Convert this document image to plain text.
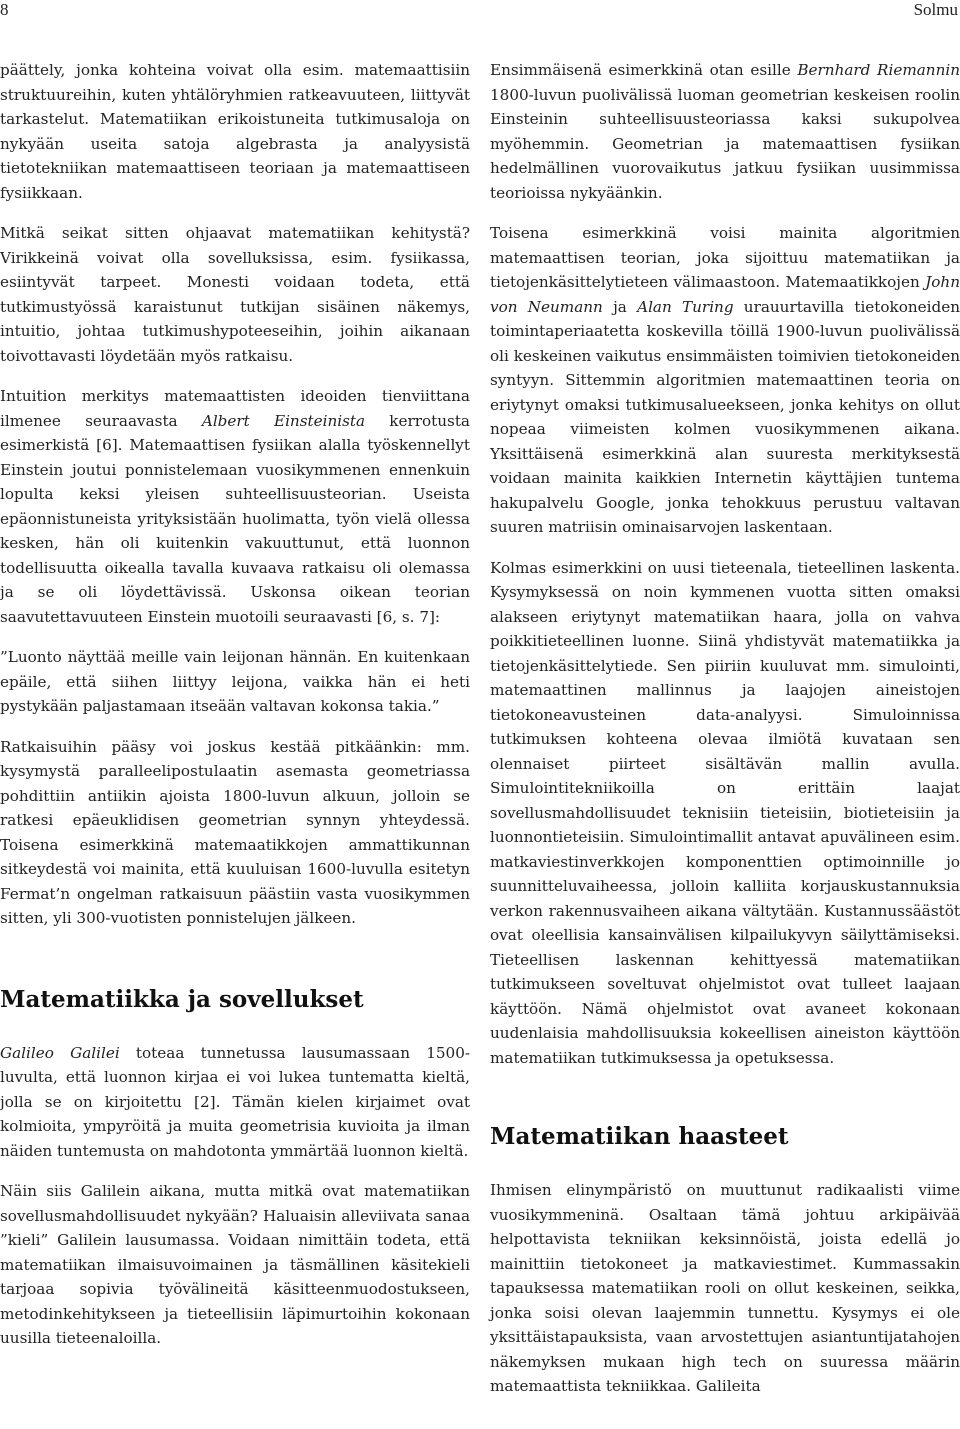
8	Solmu

päättely, jonka kohteina voivat olla esim. matemaattisiin struktuureihin, kuten yhtälöryhmien ratkeavuuteen, liittyvät tarkastelut. Matematiikan erikoistuneita tutkimusaloja on nykyään useita satoja algebrasta ja analyysistä tietotekniikan matemaattiseen teoriaan ja matemaattiseen fysiikkaan.

Mitkä seikat sitten ohjaavat matematiikan kehitystä? Virikkeinä voivat olla sovelluksissa, esim. fysiikassa, esiintyvät tarpeet. Monesti voidaan todeta, että tutkimustyössä karaistunut tutkijan sisäinen näkemys, intuitio, johtaa tutkimushypoteeseihin, joihin aikanaan toivottavasti löydetään myös ratkaisu.

Intuition merkitys matemaattisten ideoiden tienviittana ilmenee seuraavasta Albert Einsteinista kerrotusta esimerkistä [6]. Matemaattisen fysiikan alalla työskennellyt Einstein joutui ponnistelemaan vuosikymmenen ennenkuin lopulta keksi yleisen suhteellisuusteorian. Useista epäonnistuneista yrityksistään huolimatta, työn vielä ollessa kesken, hän oli kuitenkin vakuuttunut, että luonnon todellisuutta oikealla tavalla kuvaava ratkaisu oli olemassa ja se oli löydettävissä. Uskonsa oikean teorian saavutettavuuteen Einstein muotoili seuraavasti [6, s. 7]:

”Luonto näyttää meille vain leijonan hännän. En kuitenkaan epäile, että siihen liittyy leijona, vaikka hän ei heti pystykään paljastamaan itseään valtavan kokonsa takia.”

Ratkaisuihin pääsy voi joskus kestää pitkäänkin: mm. kysymystä paralleelipostulaatin asemasta geometriassa pohdittiin antiikin ajoista 1800-luvun alkuun, jolloin se ratkesi epäeuklidisen geometrian synnyn yhteydessä. Toisena esimerkkinä matemaatikkojen ammattikunnan sitkeydestä voi mainita, että kuuluisan 1600-luvulla esitetyn Fermat’n ongelman ratkaisuun päästiin vasta vuosikymmen sitten, yli 300-vuotisten ponnistelujen jälkeen.

Matematiikka ja sovellukset

Galileo Galilei toteaa tunnetussa lausumassaan 1500-luvulta, että luonnon kirjaa ei voi lukea tuntematta kieltä, jolla se on kirjoitettu [2]. Tämän kielen kirjaimet ovat kolmioita, ympyröitä ja muita geometrisia kuvioita ja ilman näiden tuntemusta on mahdotonta ymmärtää luonnon kieltä.

Näin siis Galilein aikana, mutta mitkä ovat matematiikan sovellusmahdollisuudet nykyään? Haluaisin alleviivata sanaa ”kieli” Galilein lausumassa. Voidaan nimittäin todeta, että matematiikan ilmaisuvoimainen ja täsmällinen käsitekieli tarjoaa sopivia työvälineitä käsitteenmuodostukseen, metodinkehitykseen ja tieteellisiin läpimurtoihin kokonaan uusilla tieteenaloilla.

Ensimmäisenä esimerkkinä otan esille Bernhard Riemannin 1800-luvun puolivälissä luoman geometrian keskeisen roolin Einsteinin suhteellisuusteoriassa kaksi sukupolvea myöhemmin. Geometrian ja matemaattisen fysiikan hedelmällinen vuorovaikutus jatkuu fysiikan uusimmissa teorioissa nykyäänkin.

Toisena esimerkkinä voisi mainita algoritmien matemaattisen teorian, joka sijoittuu matematiikan ja tietojenkäsittelytieteen välimaastoon. Matemaatikkojen John von Neumann ja Alan Turing urauurtavilla tietokoneiden toimintaperiaatetta koskevilla töillä 1900-luvun puolivälissä oli keskeinen vaikutus ensimmäisten toimivien tietokoneiden syntyyn. Sittemmin algoritmien matemaattinen teoria on eriytynyt omaksi tutkimusalueekseen, jonka kehitys on ollut nopeaa viimeisten kolmen vuosikymmenen aikana. Yksittäisenä esimerkkinä alan suuresta merkityksestä voidaan mainita kaikkien Internetin käyttäjien tuntema hakupalvelu Google, jonka tehokkuus perustuu valtavan suuren matriisin ominaisarvojen laskentaan.

Kolmas esimerkkini on uusi tieteenala, tieteellinen laskenta. Kysymyksessä on noin kymmenen vuotta sitten omaksi alakseen eriytynyt matematiikan haara, jolla on vahva poikkitieteellinen luonne. Siinä yhdistyvät matematiikka ja tietojenkäsittelytiede. Sen piiriin kuuluvat mm. simulointi, matemaattinen mallinnus ja laajojen aineistojen tietokoneavusteinen data-analyysi. Simuloinnissa tutkimuksen kohteena olevaa ilmiötä kuvataan sen olennaiset piirteet sisältävän mallin avulla. Simulointitekniikoilla on erittäin laajat sovellusmahdollisuudet teknisiin tieteisiin, biotieteisiin ja luonnontieteisiin. Simulointimallit antavat apuvälineen esim. matkaviestinverkkojen komponenttien optimoinnille jo suunnitteluvaiheessa, jolloin kalliita korjauskustannuksia verkon rakennusvaiheen aikana vältytään. Kustannussäästöt ovat oleellisia kansainvälisen kilpailukyvyn säilyttämiseksi. Tieteellisen laskennan kehittyessä matematiikan tutkimukseen soveltuvat ohjelmistot ovat tulleet laajaan käyttöön. Nämä ohjelmistot ovat avaneet kokonaan uudenlaisia mahdollisuuksia kokeellisen aineiston käyttöön matematiikan tutkimuksessa ja opetuksessa.

Matematiikan haasteet

Ihmisen elinympäristö on muuttunut radikaalisti viime vuosikymmeninä. Osaltaan tämä johtuu arkipäivää helpottavista tekniikan keksinnöistä, joista edellä jo mainittiin tietokoneet ja matkaviestimet. Kummassakin tapauksessa matematiikan rooli on ollut keskeinen, seikka, jonka soisi olevan laajemmin tunnettu. Kysymys ei ole yksittäistapauksista, vaan arvostettujen asiantuntijatahojen näkemyksen mukaan high tech on suuressa määrin matemaattista tekniikkaa. Galileita
